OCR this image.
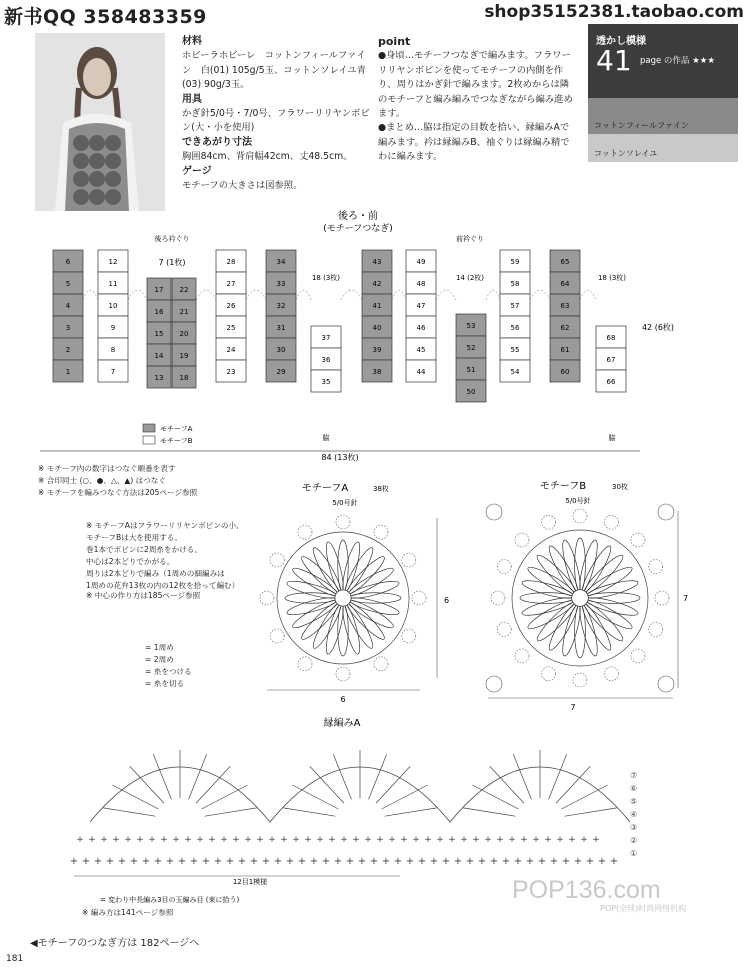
新书QQ 358483359	shop35152381.taobao.com
材料
ホビーラホビーレ　コットンフィールファイン　白(01) 105g/5玉、コットンソレイユ青(03) 90g/3玉。
用具
かぎ針5/0号・7/0号、フラワーリリヤンボビン(大・小を使用)
できあがり寸法
胸囲84cm、背肩幅42cm、丈48.5cm。
ゲージ
モチーフの大きさは図参照。
point
●身頃…モチーフつなぎで編みます。フラワーリリヤンボビンを使ってモチーフの内側を作り、周りはかぎ針で編みます。2枚めからは隣のモチーフと編み編みでつなぎながら編み進めます。
●まとめ…脇は指定の目数を拾い、縁編みAで編みます。衿は縁編みB、袖ぐりは縁編み精でわに編みます。
透かし模様
41 page の作品 ★★★
コットンフィールファイン
コットンソレイユ
後ろ・前
(モチーフつなぎ)
後ろ衿ぐり	前衿ぐり
7 (1枚)
18 (3枚)	14 (2枚)	18 (3枚)
42 (6枚)
脇	脇
84 (13枚)
モチーフA
モチーフB
6
5
4
3
2
1
12
11
10
9
8
7
17
16
15
14
13
22
21
20
19
18
28
27
26
25
24
23
34
33
32
31
30
29
37
36
35
43
42
41
40
39
38
49
48
47
46
45
44
53
52
51
50
59
58
57
56
55
54
65
64
63
62
61
60
68
67
66
※ モチーフ内の数字はつなぐ順番を表す
※ 合印同士 (○、●、△、▲) はつなぐ
※ モチーフを編みつなぐ方法は205ページ参照
※ モチーフAはフラワーリリヤンボビンの小、
モチーフBは大を使用する。
巻1本でボビンに2周糸をかける。
中心は2本どりでかがる。
周りは2本どりで編み（1周めの細編みは
1周めの花弁13枚の内の12枚を拾って編む）
※ 中心の作り方は185ページ参照
= 1周め
= 2周め
= 糸をつける
= 糸を切る
モチーフA	38枚
5/0号針
6
6
モチーフB	30枚
5/0号針
7
7
縁編みA
+ + + + + + + + + + + + + + + + + + + + + + + + + + + + + + + + + + + + + + + + + + + + + +
+ + + + + + + + + + + + + + + + + + + + + + + + + + + + + + + + + + + + + + + + + + + +
⑦
⑥
⑤
④
③
②
①
12目1模様
= 変わり中長編み3目の玉編み目 (束に拾う)
※ 編み方は141ページ参照
POP136.com
POP(全球)时尚网络机构
◀モチーフのつなぎ方は 182ページへ
181
